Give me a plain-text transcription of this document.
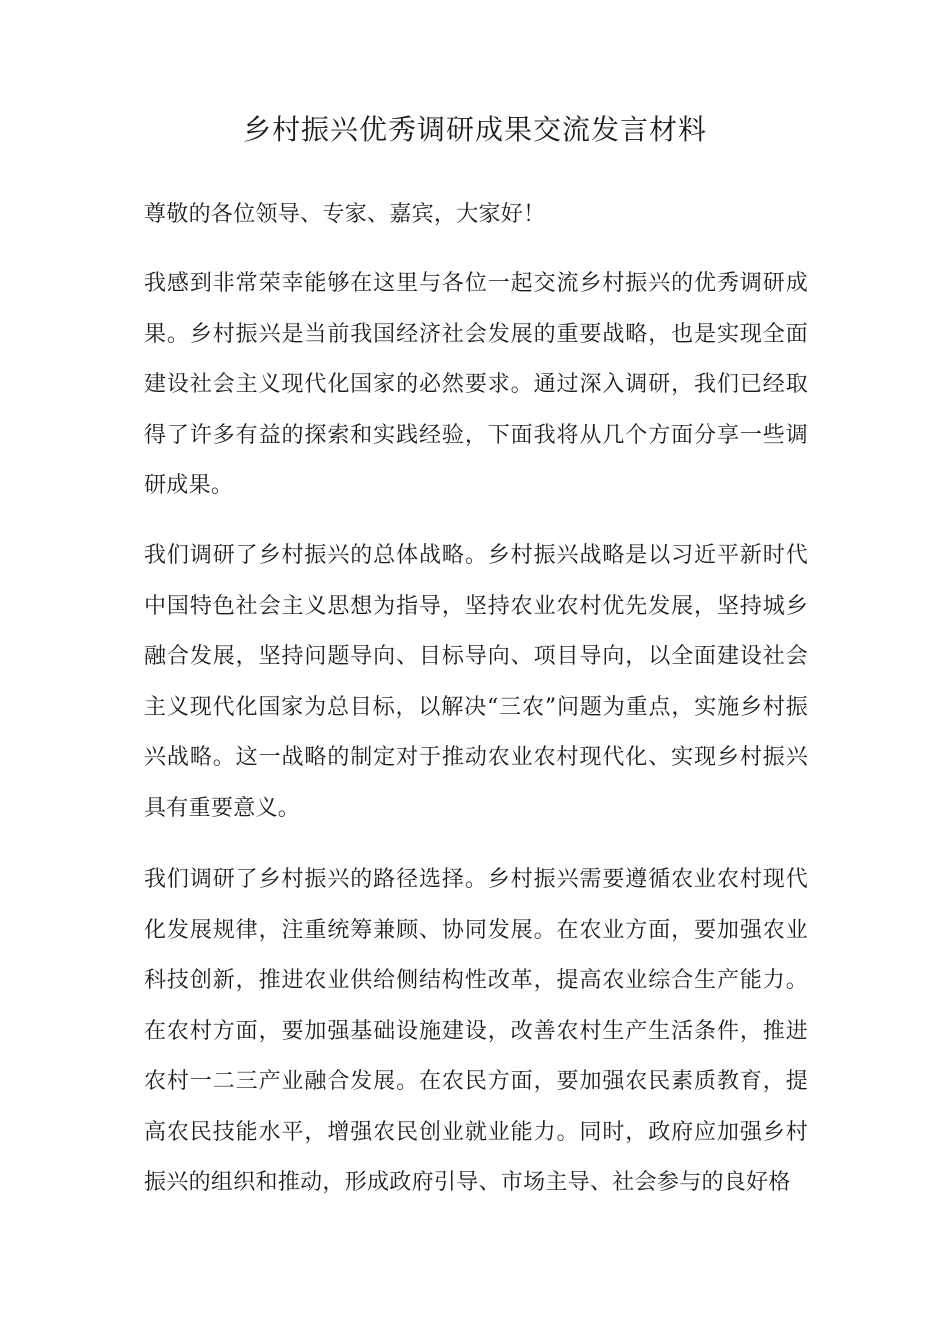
乡村振兴优秀调研成果交流发言材料

尊敬的各位领导、专家、嘉宾，大家好！

我感到非常荣幸能够在这里与各位一起交流乡村振兴的优秀调研成果。乡村振兴是当前我国经济社会发展的重要战略，也是实现全面建设社会主义现代化国家的必然要求。通过深入调研，我们已经取得了许多有益的探索和实践经验，下面我将从几个方面分享一些调研成果。

我们调研了乡村振兴的总体战略。乡村振兴战略是以习近平新时代中国特色社会主义思想为指导，坚持农业农村优先发展，坚持城乡融合发展，坚持问题导向、目标导向、项目导向，以全面建设社会主义现代化国家为总目标，以解决“三农”问题为重点，实施乡村振兴战略。这一战略的制定对于推动农业农村现代化、实现乡村振兴具有重要意义。

我们调研了乡村振兴的路径选择。乡村振兴需要遵循农业农村现代化发展规律，注重统筹兼顾、协同发展。在农业方面，要加强农业科技创新，推进农业供给侧结构性改革，提高农业综合生产能力。在农村方面，要加强基础设施建设，改善农村生产生活条件，推进农村一二三产业融合发展。在农民方面，要加强农民素质教育，提高农民技能水平，增强农民创业就业能力。同时，政府应加强乡村振兴的组织和推动，形成政府引导、市场主导、社会参与的良好格
